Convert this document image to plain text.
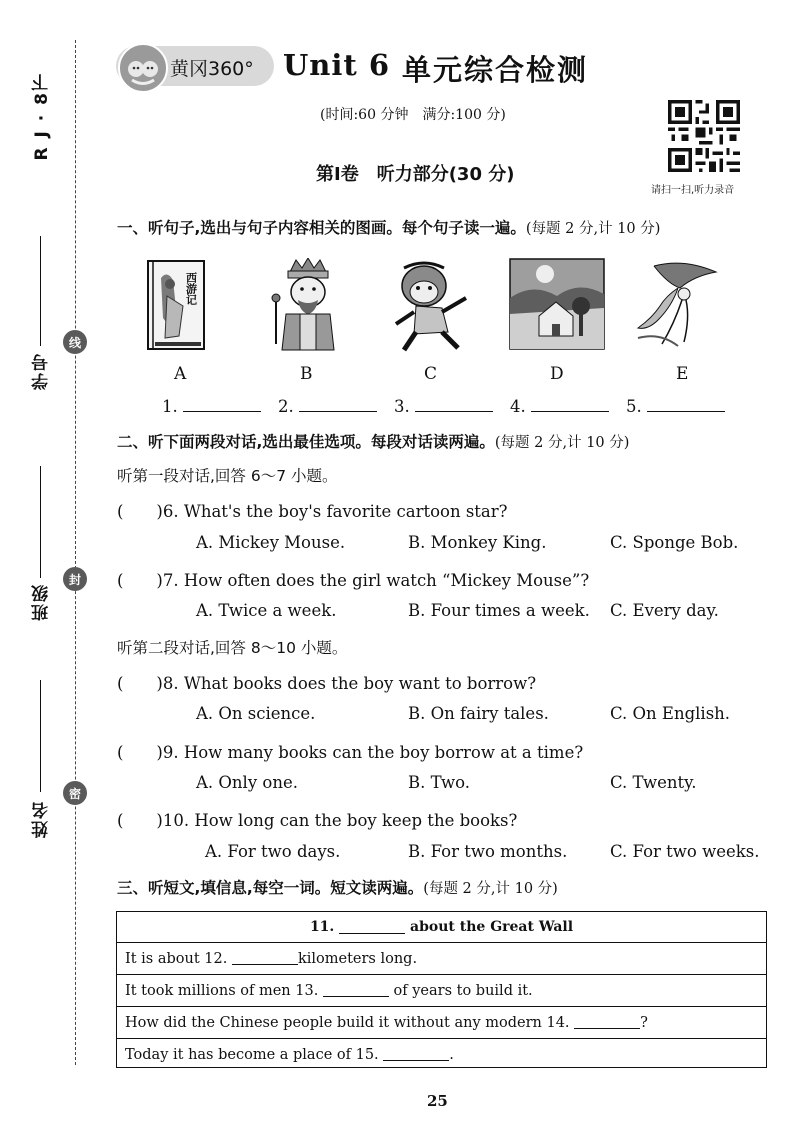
R J · 8下
学号
班级
姓名
线
封
密
黄冈360° Unit 6 单元综合检测
(时间:60 分钟　满分:100 分)
请扫一扫,听力录音
第Ⅰ卷　听力部分(30 分)
一、听句子,选出与句子内容相关的图画。每个句子读一遍。(每题 2 分,计 10 分)
西游记
A	B	C	D	E
1.	2.	3.	4.	5.
二、听下面两段对话,选出最佳选项。每段对话读两遍。(每题 2 分,计 10 分)
听第一段对话,回答 6～7 小题。
(　　)6. What's the boy's favorite cartoon star?
A. Mickey Mouse.	B. Monkey King.	C. Sponge Bob.
(　　)7. How often does the girl watch “Mickey Mouse”?
A. Twice a week.	B. Four times a week. C. Every day.
听第二段对话,回答 8～10 小题。
(　　)8. What books does the boy want to borrow?
A. On science.	B. On fairy tales.	C. On English.
(　　)9. How many books can the boy borrow at a time?
A. Only one.	B. Two.	C. Twenty.
(　　)10. How long can the boy keep the books?
A. For two days.	B. For two months.	C. For two weeks.
三、听短文,填信息,每空一词。短文读两遍。(每题 2 分,计 10 分)
11.

	about the Great Wall
It is about 12.
	kilometers long.
It took millions of men 13.

	of years to build it.
How did the Chinese people build it without any modern 14.
	?
Today it has become a place of 15.
	.
25
